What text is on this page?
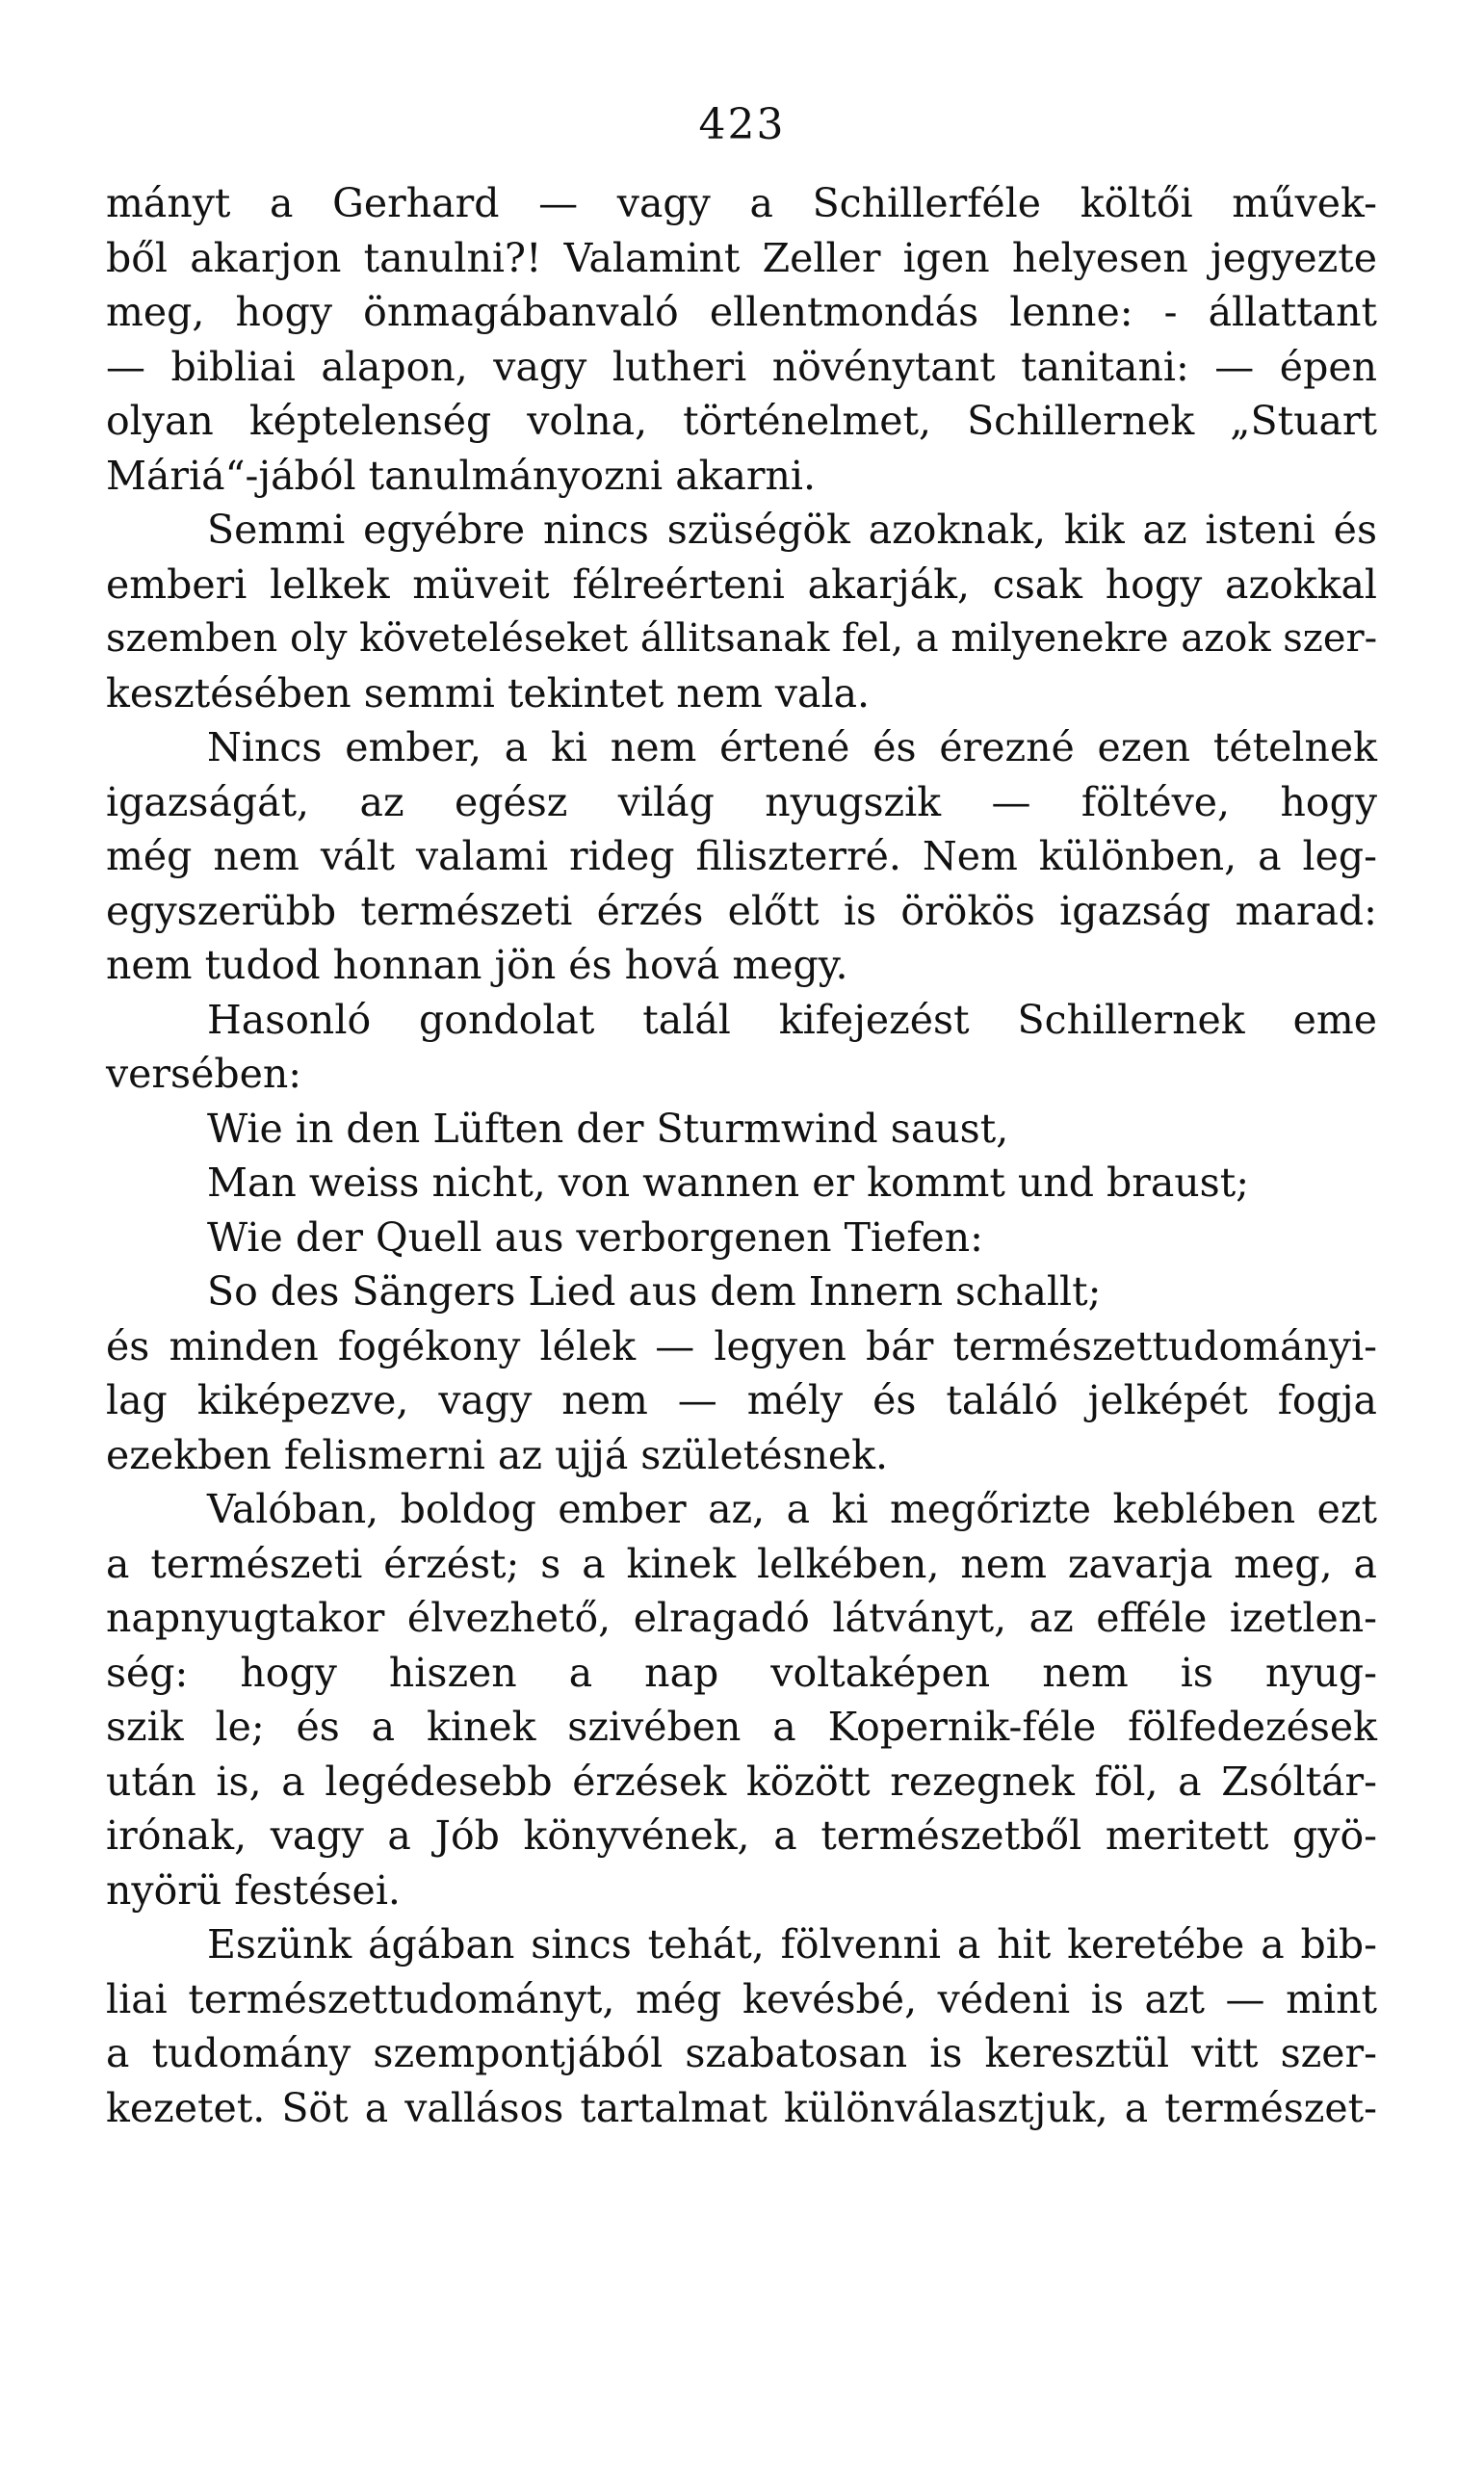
423
mányt a Gerhard — vagy a Schillerféle költői művek-
ből akarjon tanulni?! Valamint Zeller igen helyesen jegyezte
meg, hogy önmagábanvaló ellentmondás lenne: - állattant
— bibliai alapon, vagy lutheri növénytant tanitani: — épen
olyan képtelenség volna, történelmet, Schillernek „Stuart
Máriá“-jából tanulmányozni akarni.
Semmi egyébre nincs szüségök azoknak, kik az isteni és
emberi lelkek müveit félreérteni akarják, csak hogy azokkal
szemben oly követeléseket állitsanak fel, a milyenekre azok szer-
kesztésében semmi tekintet nem vala.
Nincs ember, a ki nem értené és érezné ezen tételnek
igazságát, az egész világ nyugszik — föltéve, hogy
még nem vált valami rideg filiszterré. Nem különben, a leg-
egyszerübb természeti érzés előtt is örökös igazság marad:
nem tudod honnan jön és hová megy.
Hasonló gondolat talál kifejezést Schillernek eme
versében:
Wie in den Lüften der Sturmwind saust,
Man weiss nicht, von wannen er kommt und braust;
Wie der Quell aus verborgenen Tiefen:
So des Sängers Lied aus dem Innern schallt;
és minden fogékony lélek — legyen bár természettudományi-
lag kiképezve, vagy nem — mély és találó jelképét fogja
ezekben felismerni az ujjá születésnek.
Valóban, boldog ember az, a ki megőrizte keblében ezt
a természeti érzést; s a kinek lelkében, nem zavarja meg, a
napnyugtakor élvezhető, elragadó látványt, az efféle izetlen-
ség: hogy hiszen a nap voltaképen nem is nyug-
szik le; és a kinek szivében a Kopernik-féle fölfedezések
után is, a legédesebb érzések között rezegnek föl, a Zsóltár-
irónak, vagy a Jób könyvének, a természetből meritett gyö-
nyörü festései.
Eszünk ágában sincs tehát, fölvenni a hit keretébe a bib-
liai természettudományt, még kevésbé, védeni is azt — mint
a tudomány szempontjából szabatosan is keresztül vitt szer-
kezetet. Söt a vallásos tartalmat különválasztjuk, a természet-
